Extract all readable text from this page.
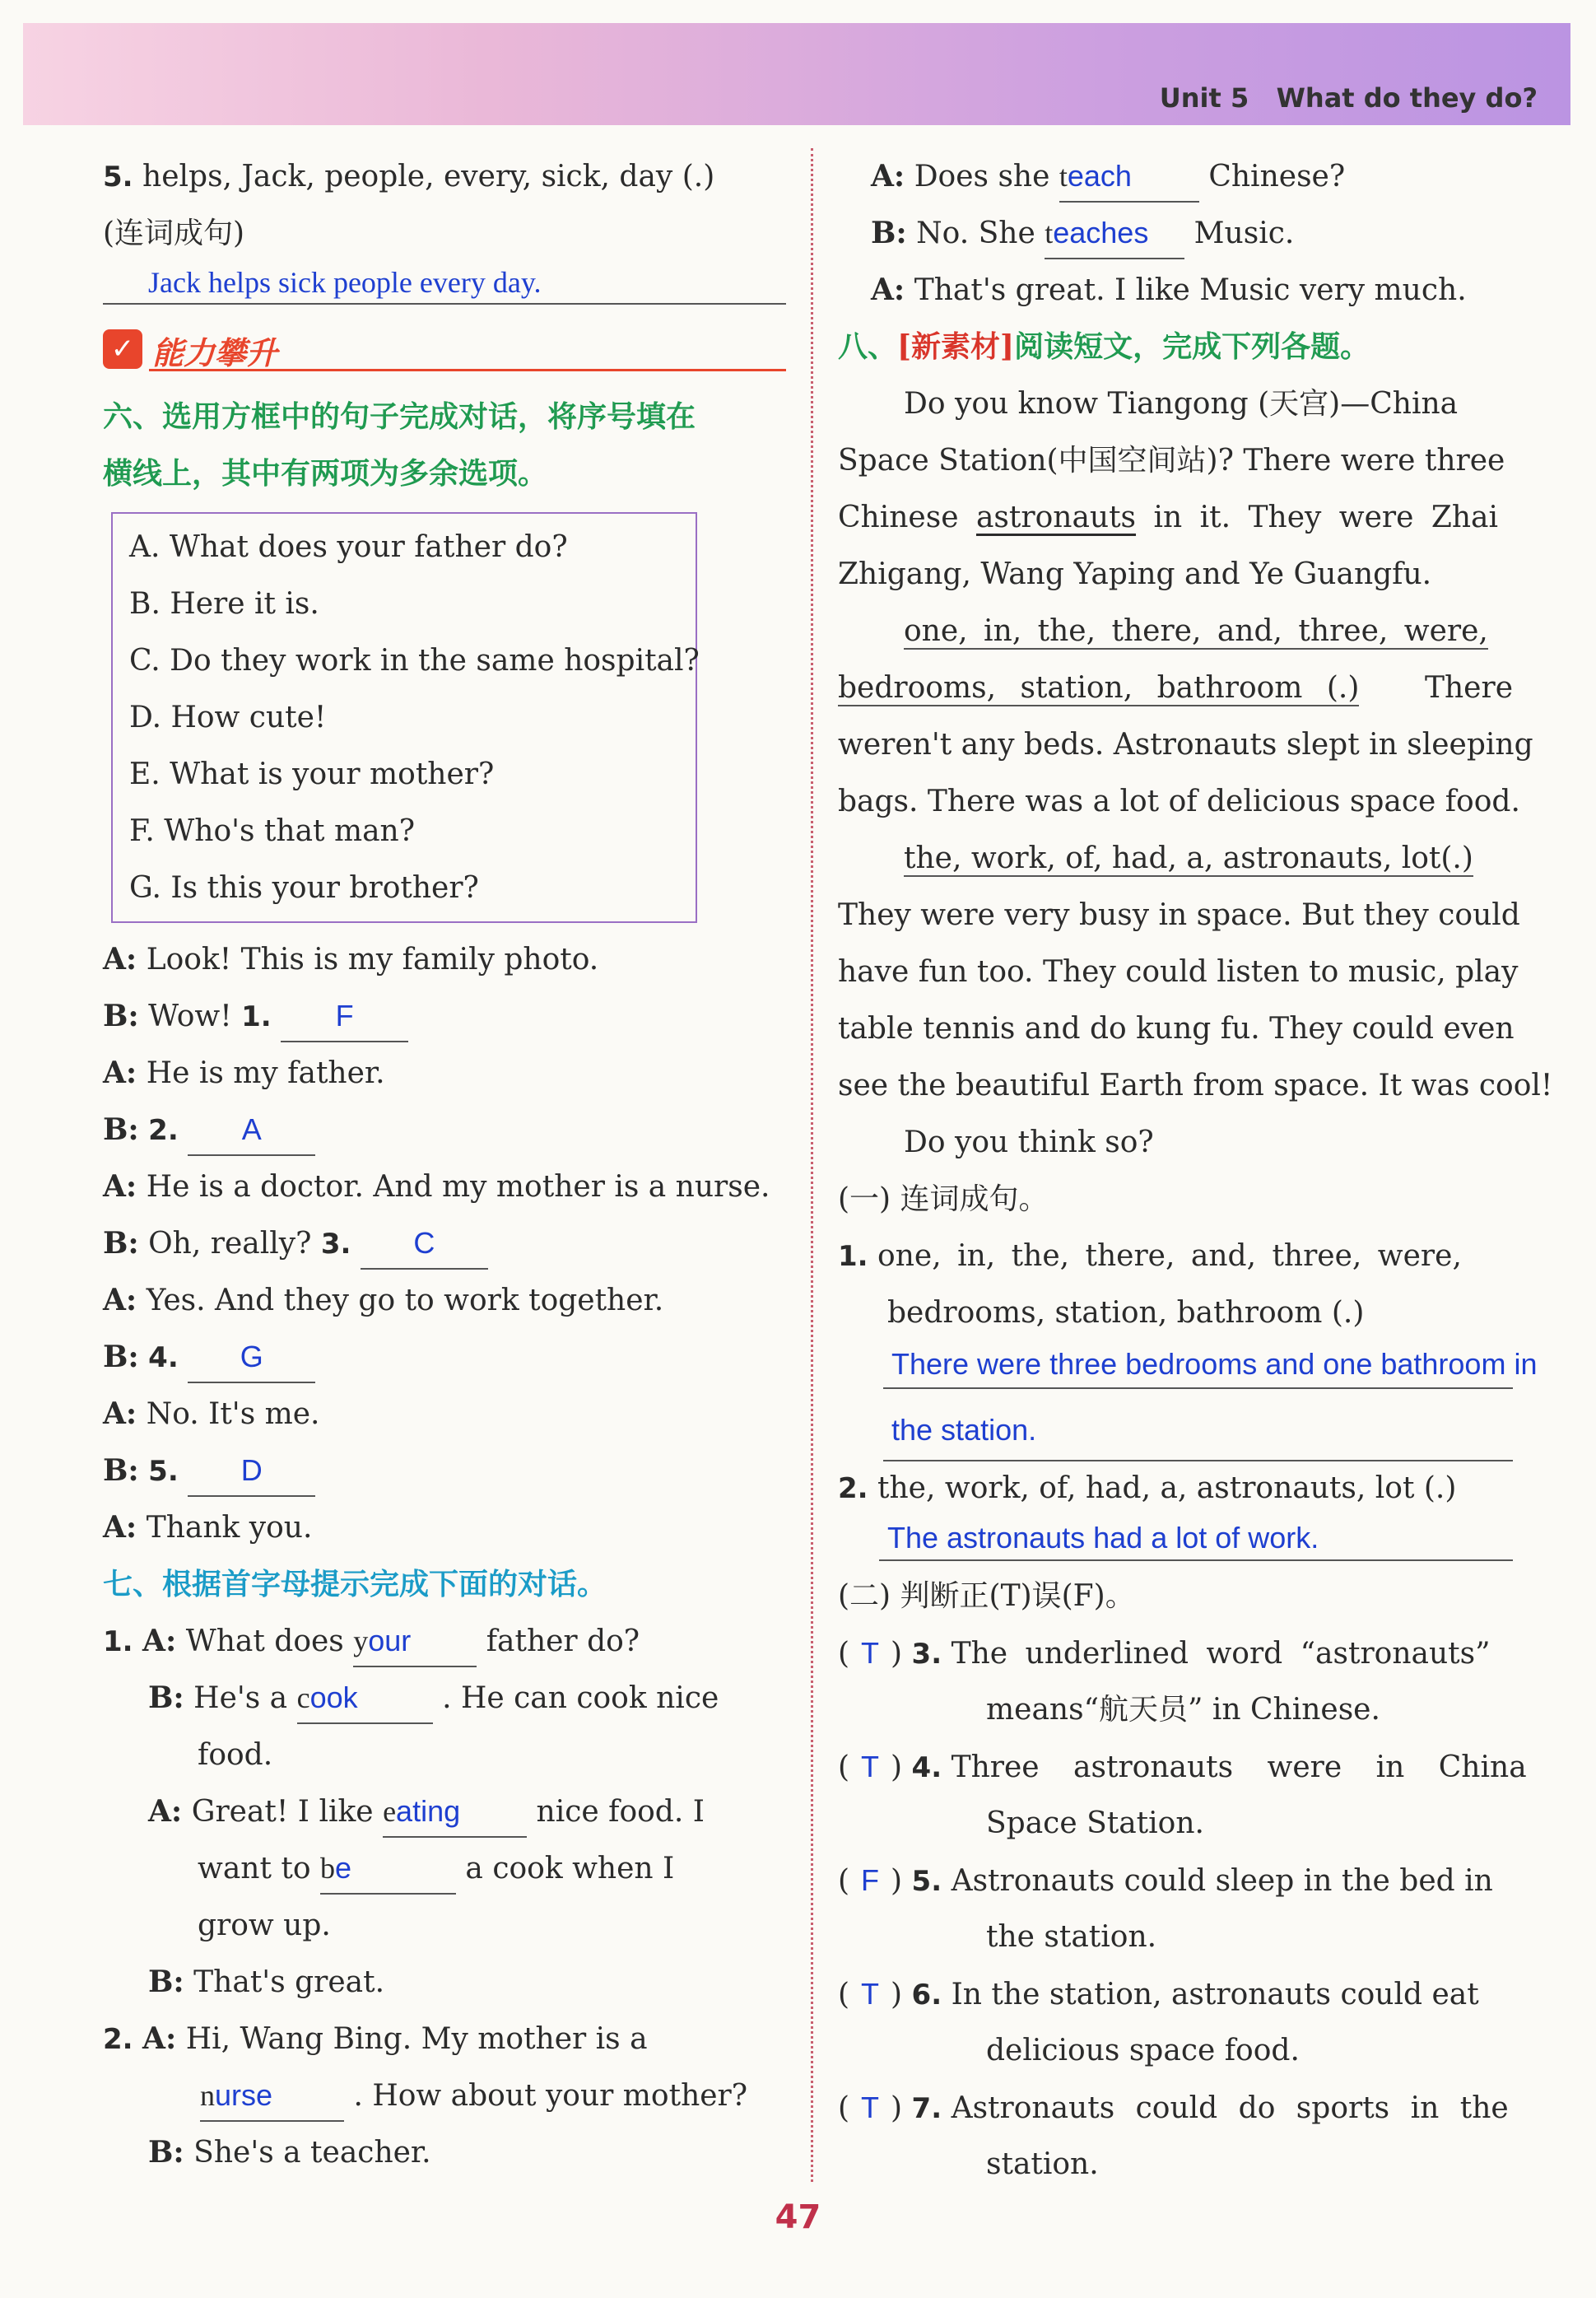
Unit 5   What do they do?
5. helps, Jack, people, every, sick, day (.)
(连词成句)
Jack helps sick people every day.
✓ 能力攀升
六、选用方框中的句子完成对话，将序号填在
横线上，其中有两项为多余选项。
A. What does your father do?
B. Here it is.
C. Do they work in the same hospital?
D. How cute!
E. What is your mother?
F. Who's that man?
G. Is this your brother?
A: Look! This is my family photo.
B: Wow! 1. F
A: He is my father.
B: 2. A
A: He is a doctor. And my mother is a nurse.
B: Oh, really? 3. C
A: Yes. And they go to work together.
B: 4. G
A: No. It's me.
B: 5. D
A: Thank you.
七、根据首字母提示完成下面的对话。
1. A: What does your	father do?
B: He's a cook	. He can cook nice
food.
A: Great! I like eating	nice food. I
want to be	a cook when I
grow up.
B: That's great.
2. A: Hi, Wang Bing. My mother is a
nurse	. How about your mother?
B: She's a teacher.
A: Does she teach	Chinese?
B: No. She teaches Music.
A: That's great. I like Music very much.
八、[新素材]阅读短文，完成下列各题。
Do you know Tiangong (天宫)—China
Space Station(中国空间站)? There were three
Chinese astronauts in it. They were Zhai
Zhigang, Wang Yaping and Ye Guangfu.
one, in, the, there, and, three, were,
bedrooms, station, bathroom (.) There
weren't any beds. Astronauts slept in sleeping
bags. There was a lot of delicious space food.
the, work, of, had, a, astronauts, lot(.)
They were very busy in space. But they could
have fun too. They could listen to music, play
table tennis and do kung fu. They could even
see the beautiful Earth from space. It was cool!
Do you think so?
(一) 连词成句。
1. one, in, the, there, and, three, were,
bedrooms, station, bathroom (.)
There were three bedrooms and one bathroom in
the station.
2. the, work, of, had, a, astronauts, lot (.)
The astronauts had a lot of work.
(二) 判断正(T)误(F)。
( T ) 3. The underlined word “astronauts”
means“航天员” in Chinese.
( T ) 4. Three astronauts were in China
Space Station.
( F ) 5. Astronauts could sleep in the bed in
the station.
( T ) 6. In the station, astronauts could eat
delicious space food.
( T ) 7. Astronauts could do sports in the
station.
47
